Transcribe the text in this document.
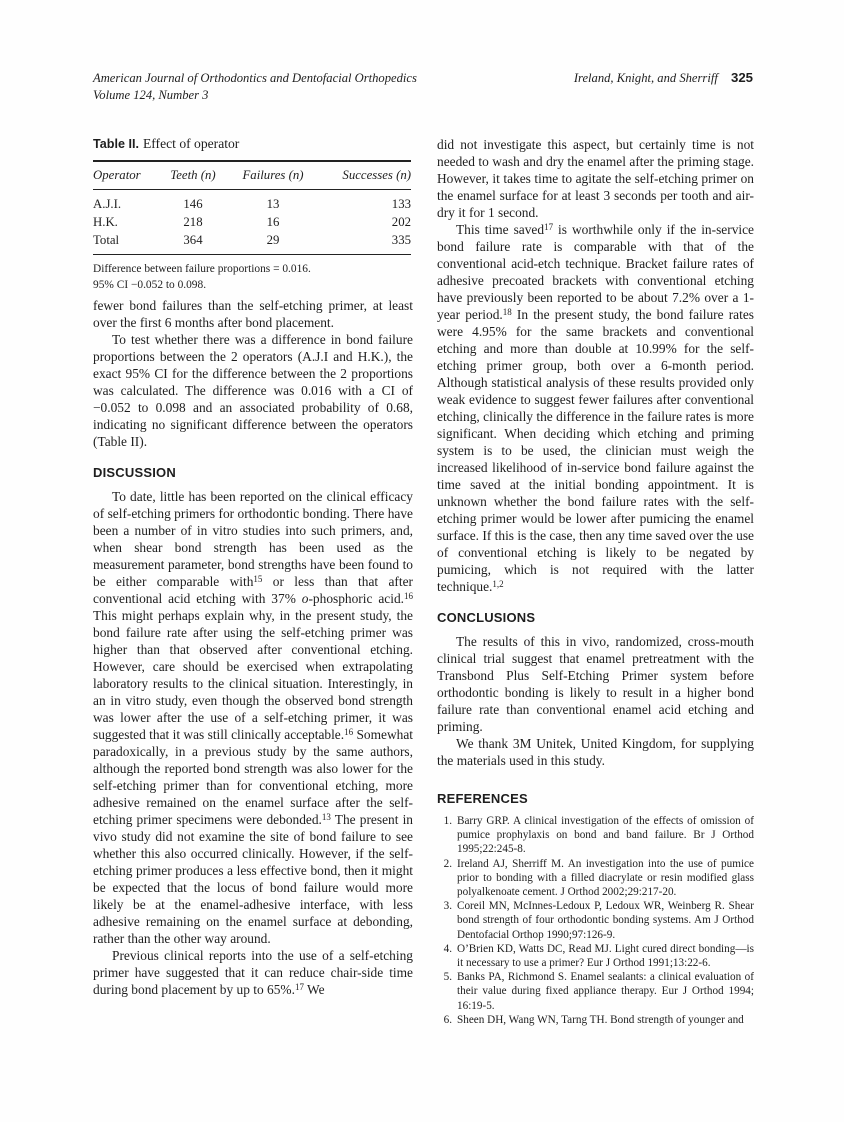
American Journal of Orthodontics and Dentofacial Orthopedics
Volume 124, Number 3
Ireland, Knight, and Sherriff 325
Table II. Effect of operator
Operator	Teeth (n)	Failures (n)	Successes (n)
A.J.I.	146	13	133
H.K.	218	16	202
Total	364	29	335
Difference between failure proportions = 0.016.
95% CI −0.052 to 0.098.

fewer bond failures than the self-etching primer, at least over the first 6 months after bond placement.

To test whether there was a difference in bond failure proportions between the 2 operators (A.J.I and H.K.), the exact 95% CI for the difference between the 2 proportions was calculated. The difference was 0.016 with a CI of −0.052 to 0.098 and an associated probability of 0.68, indicating no significant difference between the operators (Table II).

DISCUSSION

To date, little has been reported on the clinical efficacy of self-etching primers for orthodontic bonding. There have been a number of in vitro studies into such primers, and, when shear bond strength has been used as the measurement parameter, bond strengths have been found to be either comparable with$^{15}$ or less than that after conventional acid etching with 37% o-phosphoric acid.$^{16}$ This might perhaps explain why, in the present study, the bond failure rate after using the self-etching primer was higher than that observed after conventional etching. However, care should be exercised when extrapolating laboratory results to the clinical situation. Interestingly, in an in vitro study, even though the observed bond strength was lower after the use of a self-etching primer, it was suggested that it was still clinically acceptable.$^{16}$ Somewhat paradoxically, in a previous study by the same authors, although the reported bond strength was also lower for the self-etching primer than for conventional etching, more adhesive remained on the enamel surface after the self-etching primer specimens were debonded.$^{13}$ The present in vivo study did not examine the site of bond failure to see whether this also occurred clinically. However, if the self-etching primer produces a less effective bond, then it might be expected that the locus of bond failure would more likely be at the enamel-adhesive interface, with less adhesive remaining on the enamel surface at debonding, rather than the other way around.

Previous clinical reports into the use of a self-etching primer have suggested that it can reduce chair-side time during bond placement by up to 65%.$^{17}$ We

did not investigate this aspect, but certainly time is not needed to wash and dry the enamel after the priming stage. However, it takes time to agitate the self-etching primer on the enamel surface for at least 3 seconds per tooth and air-dry it for 1 second.

This time saved$^{17}$ is worthwhile only if the in-service bond failure rate is comparable with that of the conventional acid-etch technique. Bracket failure rates of adhesive precoated brackets with conventional etching have previously been reported to be about 7.2% over a 1-year period.$^{18}$ In the present study, the bond failure rates were 4.95% for the same brackets and conventional etching and more than double at 10.99% for the self-etching primer group, both over a 6-month period. Although statistical analysis of these results provided only weak evidence to suggest fewer failures after conventional etching, clinically the difference in the failure rates is more significant. When deciding which etching and priming system is to be used, the clinician must weigh the increased likelihood of in-service bond failure against the time saved at the initial bonding appointment. It is unknown whether the bond failure rates with the self-etching primer would be lower after pumicing the enamel surface. If this is the case, then any time saved over the use of conventional etching is likely to be negated by pumicing, which is not required with the latter technique.$^{1,2}$

CONCLUSIONS

The results of this in vivo, randomized, cross-mouth clinical trial suggest that enamel pretreatment with the Transbond Plus Self-Etching Primer system before orthodontic bonding is likely to result in a higher bond failure rate than conventional enamel acid etching and priming.

We thank 3M Unitek, United Kingdom, for supplying the materials used in this study.

REFERENCES
1. Barry GRP. A clinical investigation of the effects of omission of pumice prophylaxis on bond and band failure. Br J Orthod 1995;22:245-8.
2. Ireland AJ, Sherriff M. An investigation into the use of pumice prior to bonding with a filled diacrylate or resin modified glass polyalkenoate cement. J Orthod 2002;29:217-20.
3. Coreil MN, McInnes-Ledoux P, Ledoux WR, Weinberg R. Shear bond strength of four orthodontic bonding systems. Am J Orthod Dentofacial Orthop 1990;97:126-9.
4. O’Brien KD, Watts DC, Read MJ. Light cured direct bonding—is it necessary to use a primer? Eur J Orthod 1991;13:22-6.
5. Banks PA, Richmond S. Enamel sealants: a clinical evaluation of their value during fixed appliance therapy. Eur J Orthod 1994; 16:19-5.
6. Sheen DH, Wang WN, Tarng TH. Bond strength of younger and
